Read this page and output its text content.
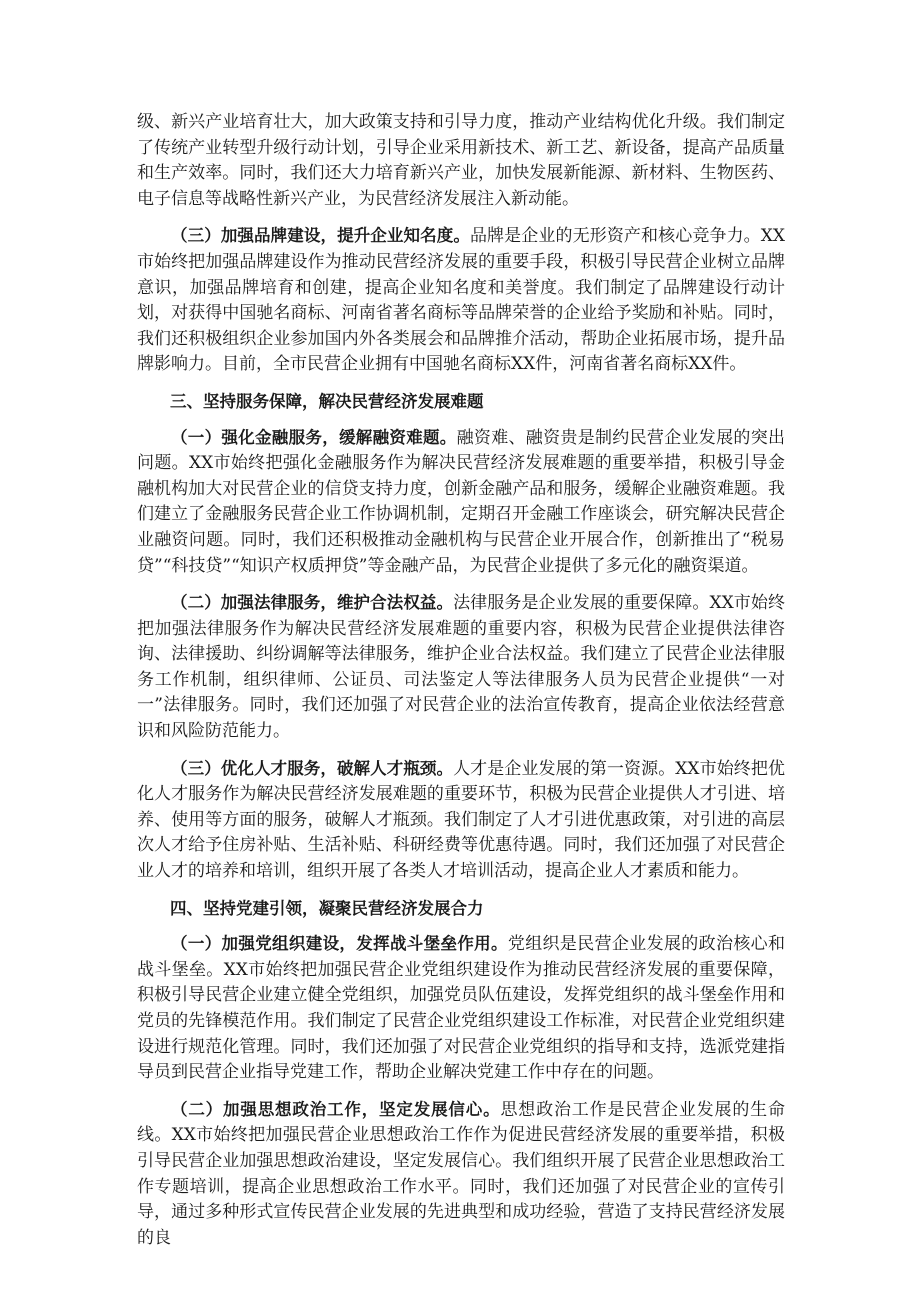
级、新兴产业培育壮大，加大政策支持和引导力度，推动产业结构优化升级。我们制定了传统产业转型升级行动计划，引导企业采用新技术、新工艺、新设备，提高产品质量和生产效率。同时，我们还大力培育新兴产业，加快发展新能源、新材料、生物医药、电子信息等战略性新兴产业，为民营经济发展注入新动能。

（三）加强品牌建设，提升企业知名度。品牌是企业的无形资产和核心竞争力。XX市始终把加强品牌建设作为推动民营经济发展的重要手段，积极引导民营企业树立品牌意识，加强品牌培育和创建，提高企业知名度和美誉度。我们制定了品牌建设行动计划，对获得中国驰名商标、河南省著名商标等品牌荣誉的企业给予奖励和补贴。同时，我们还积极组织企业参加国内外各类展会和品牌推介活动，帮助企业拓展市场，提升品牌影响力。目前，全市民营企业拥有中国驰名商标XX件，河南省著名商标XX件。

三、坚持服务保障，解决民营经济发展难题

（一）强化金融服务，缓解融资难题。融资难、融资贵是制约民营企业发展的突出问题。XX市始终把强化金融服务作为解决民营经济发展难题的重要举措，积极引导金融机构加大对民营企业的信贷支持力度，创新金融产品和服务，缓解企业融资难题。我们建立了金融服务民营企业工作协调机制，定期召开金融工作座谈会，研究解决民营企业融资问题。同时，我们还积极推动金融机构与民营企业开展合作，创新推出了“税易贷”“科技贷”“知识产权质押贷”等金融产品，为民营企业提供了多元化的融资渠道。

（二）加强法律服务，维护合法权益。法律服务是企业发展的重要保障。XX市始终把加强法律服务作为解决民营经济发展难题的重要内容，积极为民营企业提供法律咨询、法律援助、纠纷调解等法律服务，维护企业合法权益。我们建立了民营企业法律服务工作机制，组织律师、公证员、司法鉴定人等法律服务人员为民营企业提供“一对一”法律服务。同时，我们还加强了对民营企业的法治宣传教育，提高企业依法经营意识和风险防范能力。

（三）优化人才服务，破解人才瓶颈。人才是企业发展的第一资源。XX市始终把优化人才服务作为解决民营经济发展难题的重要环节，积极为民营企业提供人才引进、培养、使用等方面的服务，破解人才瓶颈。我们制定了人才引进优惠政策，对引进的高层次人才给予住房补贴、生活补贴、科研经费等优惠待遇。同时，我们还加强了对民营企业人才的培养和培训，组织开展了各类人才培训活动，提高企业人才素质和能力。

四、坚持党建引领，凝聚民营经济发展合力

（一）加强党组织建设，发挥战斗堡垒作用。党组织是民营企业发展的政治核心和战斗堡垒。XX市始终把加强民营企业党组织建设作为推动民营经济发展的重要保障，积极引导民营企业建立健全党组织，加强党员队伍建设，发挥党组织的战斗堡垒作用和党员的先锋模范作用。我们制定了民营企业党组织建设工作标准，对民营企业党组织建设进行规范化管理。同时，我们还加强了对民营企业党组织的指导和支持，选派党建指导员到民营企业指导党建工作，帮助企业解决党建工作中存在的问题。

（二）加强思想政治工作，坚定发展信心。思想政治工作是民营企业发展的生命线。XX市始终把加强民营企业思想政治工作作为促进民营经济发展的重要举措，积极引导民营企业加强思想政治建设，坚定发展信心。我们组织开展了民营企业思想政治工作专题培训，提高企业思想政治工作水平。同时，我们还加强了对民营企业的宣传引导，通过多种形式宣传民营企业发展的先进典型和成功经验，营造了支持民营经济发展的良
